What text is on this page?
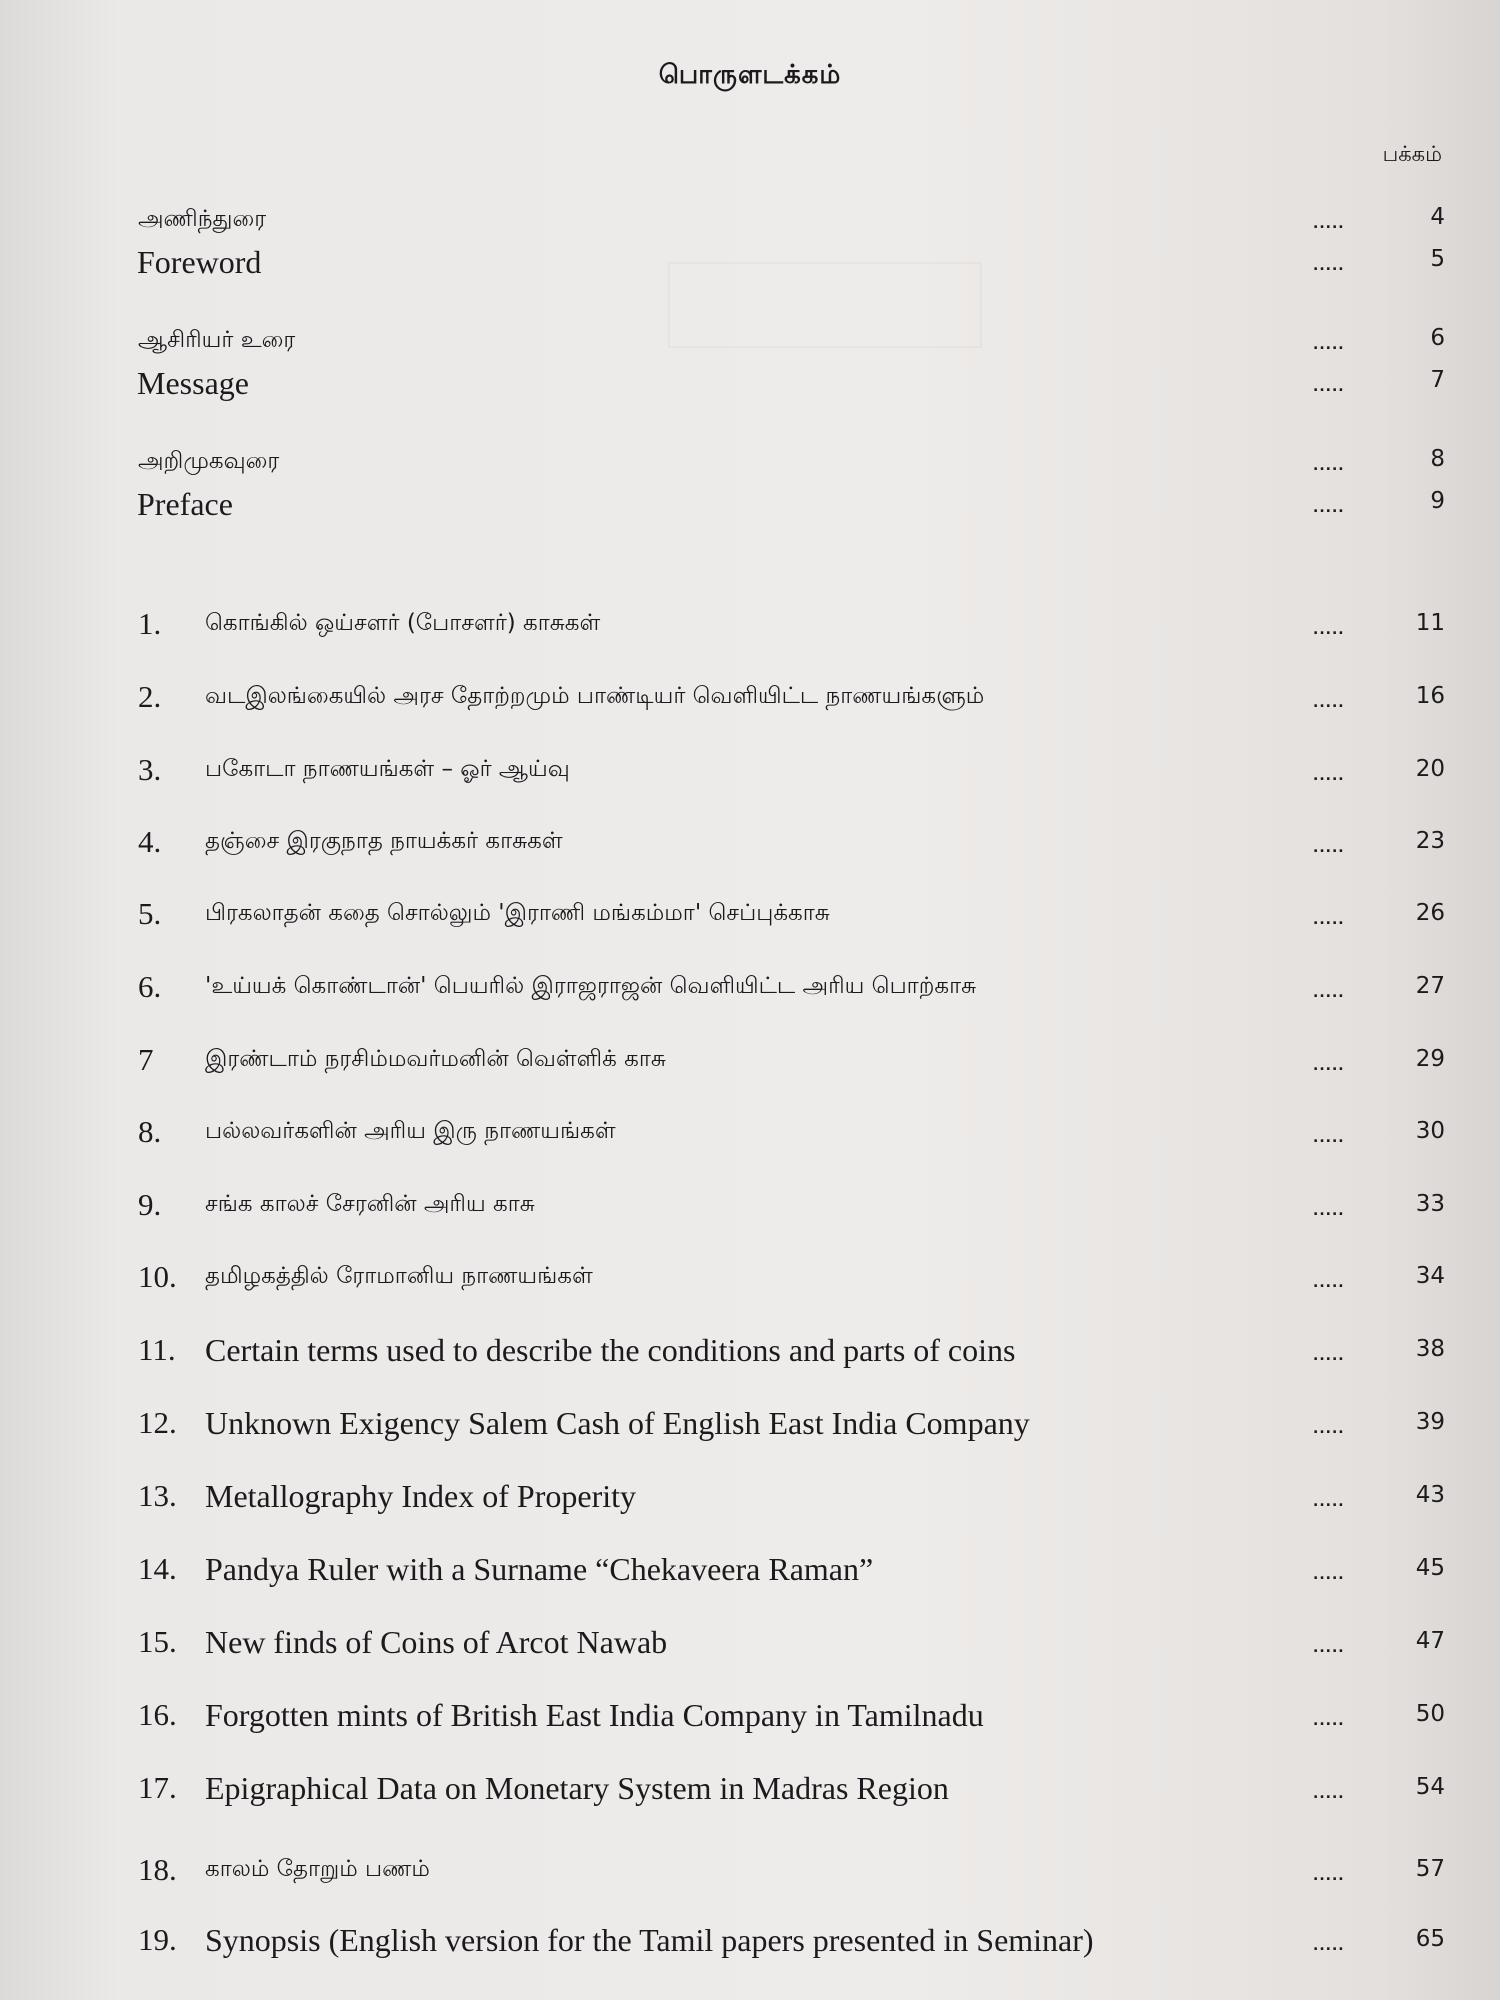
பொருளடக்கம்
பக்கம்
அணிந்துரை	.....	4
Foreword	.....	5
ஆசிரியர் உரை	.....	6
Message	.....	7
அறிமுகவுரை	.....	8
Preface	.....	9
1. கொங்கில் ஒய்சளர் (போசளர்) காசுகள்	.....	11
2. வடஇலங்கையில் அரச தோற்றமும் பாண்டியர் வெளியிட்ட நாணயங்களும்	.....	16
3. பகோடா நாணயங்கள் – ஓர் ஆய்வு	.....	20
4. தஞ்சை இரகுநாத நாயக்கர் காசுகள்	.....	23
5. பிரகலாதன் கதை சொல்லும் 'இராணி மங்கம்மா' செப்புக்காசு	.....	26
6. 'உய்யக் கொண்டான்' பெயரில் இராஜராஜன் வெளியிட்ட அரிய பொற்காசு	.....	27
7 இரண்டாம் நரசிம்மவர்மனின் வெள்ளிக் காசு	.....	29
8. பல்லவர்களின் அரிய இரு நாணயங்கள்	.....	30
9. சங்க காலச் சேரனின் அரிய காசு	.....	33
10. தமிழகத்தில் ரோமானிய நாணயங்கள்	.....	34
11. Certain terms used to describe the conditions and parts of coins	.....	38
12. Unknown Exigency Salem Cash of English East India Company	.....	39
13. Metallography Index of Properity	.....	43
14. Pandya Ruler with a Surname “Chekaveera Raman”	.....	45
15. New finds of Coins of Arcot Nawab	.....	47
16. Forgotten mints of British East India Company in Tamilnadu	.....	50
17. Epigraphical Data on Monetary System in Madras Region	.....	54
18. காலம் தோறும் பணம்	.....	57
19. Synopsis (English version for the Tamil papers presented in Seminar)	.....	65
